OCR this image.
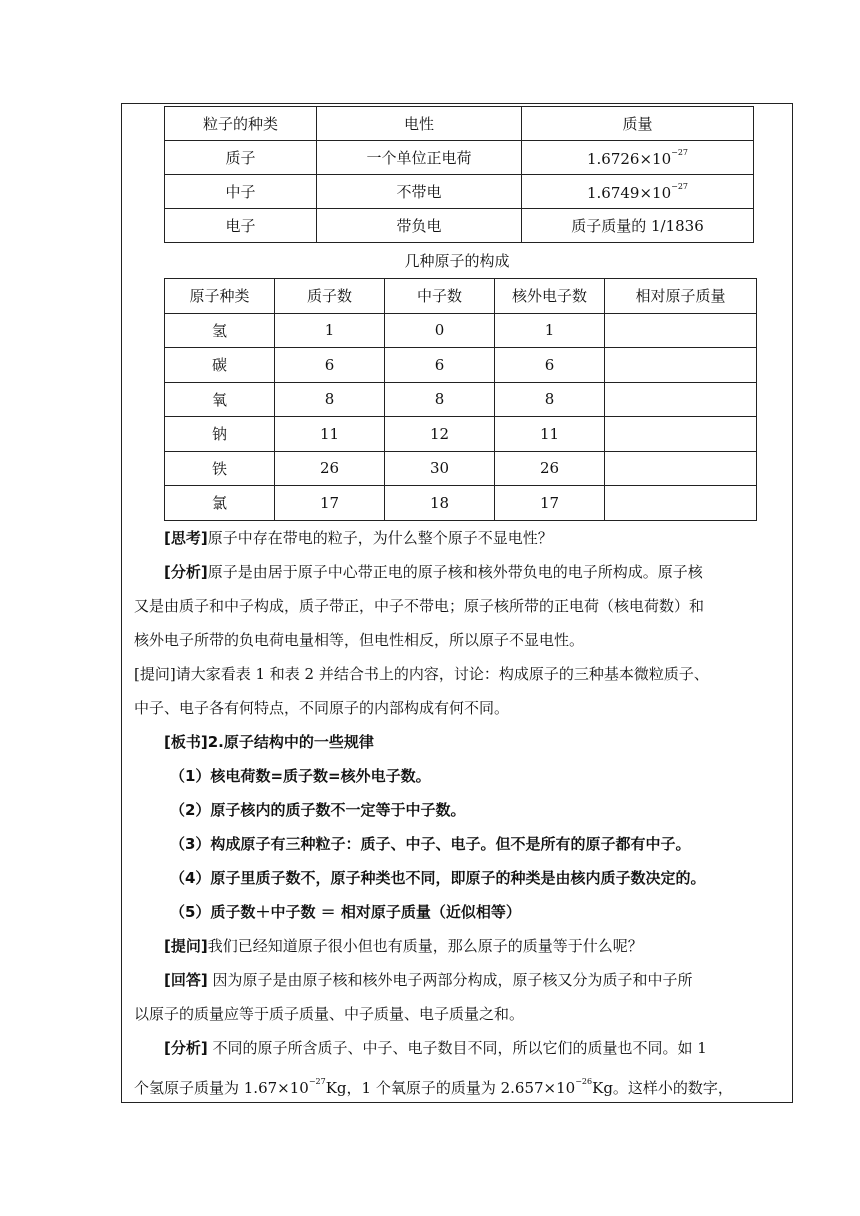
粒子的种类	电性	质量
质子	一个单位正电荷	$1.6726\times 10^{-27}$
中子	不带电	$1.6749\times 10^{-27}$
电子	带负电	质子质量的 1/1836
几种原子的构成
原子种类	质子数	中子数	核外电子数	相对原子质量
氢	1	0	1	
碳	6	6	6	
氧	8	8	8	
钠	11	12	11	
铁	26	30	26	
氯	17	18	17	

[思考]原子中存在带电的粒子，为什么整个原子不显电性？

[分析]原子是由居于原子中心带正电的原子核和核外带负电的电子所构成。原子核

又是由质子和中子构成，质子带正，中子不带电；原子核所带的正电荷（核电荷数）和

核外电子所带的负电荷电量相等，但电性相反，所以原子不显电性。

[提问]请大家看表 1 和表 2 并结合书上的内容，讨论：构成原子的三种基本微粒质子、

中子、电子各有何特点，不同原子的内部构成有何不同。

[板书]2.原子结构中的一些规律

（1）核电荷数=质子数=核外电子数。

（2）原子核内的质子数不一定等于中子数。

（3）构成原子有三种粒子：质子、中子、电子。但不是所有的原子都有中子。

（4）原子里质子数不，原子种类也不同，即原子的种类是由核内质子数决定的。

（5）质子数＋中子数 ＝ 相对原子质量（近似相等）

[提问]我们已经知道原子很小但也有质量，那么原子的质量等于什么呢？

[回答] 因为原子是由原子核和核外电子两部分构成，原子核又分为质子和中子所

以原子的质量应等于质子质量、中子质量、电子质量之和。

[分析] 不同的原子所含质子、中子、电子数目不同，所以它们的质量也不同。如 1

个氢原子质量为 $1.67\times 10^{-27}Kg$，1 个氧原子的质量为 $2.657\times 10^{-26}Kg$。这样小的数字，
